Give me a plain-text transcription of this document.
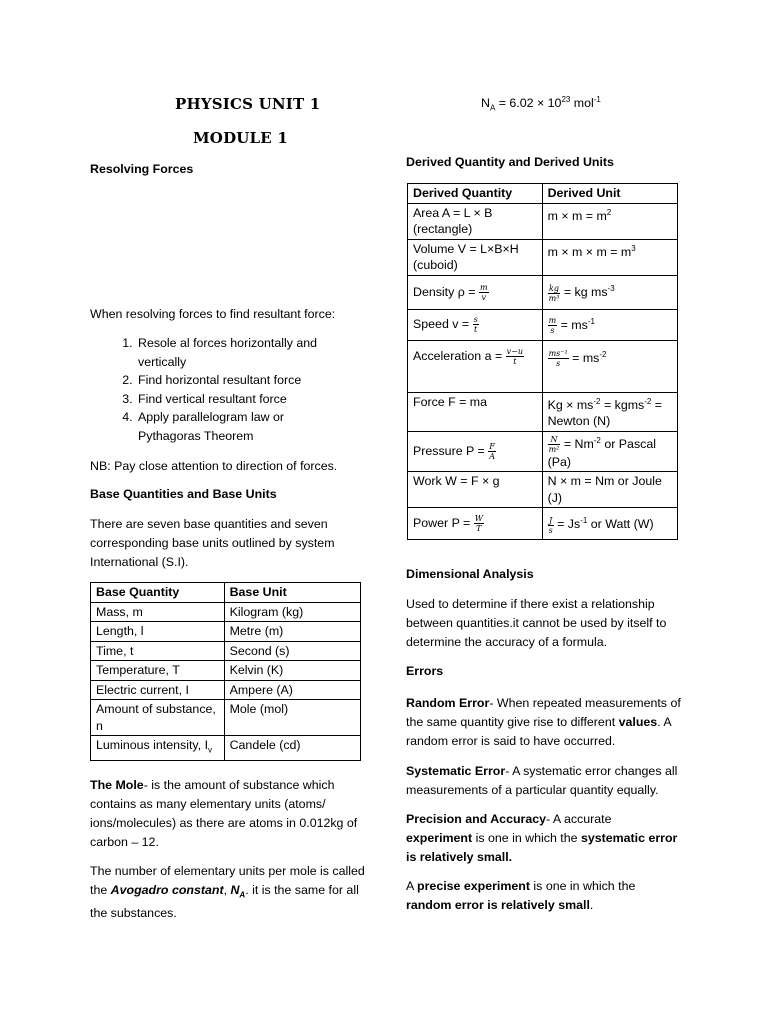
PHYSICS UNIT 1
MODULE 1
$N_A = 6.02 \times 10^{23}$ mol$^{-1}$
Resolving Forces
When resolving forces to find resultant force:
1. Resole al forces horizontally and vertically
2. Find horizontal resultant force
3. Find vertical resultant force
4. Apply parallelogram law or Pythagoras Theorem
NB: Pay close attention to direction of forces.
Base Quantities and Base Units
There are seven base quantities and seven corresponding base units outlined by system International (S.I).
Base Quantity	Base Unit
Mass, m	Kilogram (kg)
Length, l	Metre (m)
Time, t	Second (s)
Temperature, T	Kelvin (K)
Electric current, I	Ampere (A)
Amount of substance, n	Mole (mol)
Luminous intensity, $I_v$	Candele (cd)
The Mole- is the amount of substance which contains as many elementary units (atoms/ ions/molecules) as there are atoms in 0.012kg of carbon – 12.
The number of elementary units per mole is called the Avogadro constant, $N_A$. it is the same for all the substances.
Derived Quantity and Derived Units
Derived Quantity	Derived Unit
Area A = L × B (rectangle)	$m \times m = m^2$
Volume V = L×B×H (cuboid)	$m \times m \times m = m^3$
Density $\rho = \frac{m}{v}$	$\frac{kg}{\text{m³}}$ = kg $ms^{-3}$
Speed $v = \frac{s}{t}$	$\frac{m}{s} = ms^{-1}$
Acceleration $a = \frac{v-u}{t}$	$\frac{\text{ms⁻¹}}{s} = ms^{-2}$
Force F = ma	$Kg \times ms^{-2}$ = kgms$^{-2}$ = Newton (N)
Pressure $P = \frac{F}{A}$	$\frac{N}{\text{m²}} = Nm^{-2}$ or Pascal (Pa)
Work W = F × g	N × m = Nm or Joule (J)
Power $P = \frac{W}{T}$	$\frac{J}{s} = Js^{-1}$ or Watt (W)
Dimensional Analysis
Used to determine if there exist a relationship between quantities.it cannot be used by itself to determine the accuracy of a formula.
Errors
Random Error- When repeated measurements of the same quantity give rise to different values. A random error is said to have occurred.
Systematic Error- A systematic error changes all measurements of a particular quantity equally.
Precision and Accuracy- A accurate experiment is one in which the systematic error is relatively small.
A precise experiment is one in which the random error is relatively small.
